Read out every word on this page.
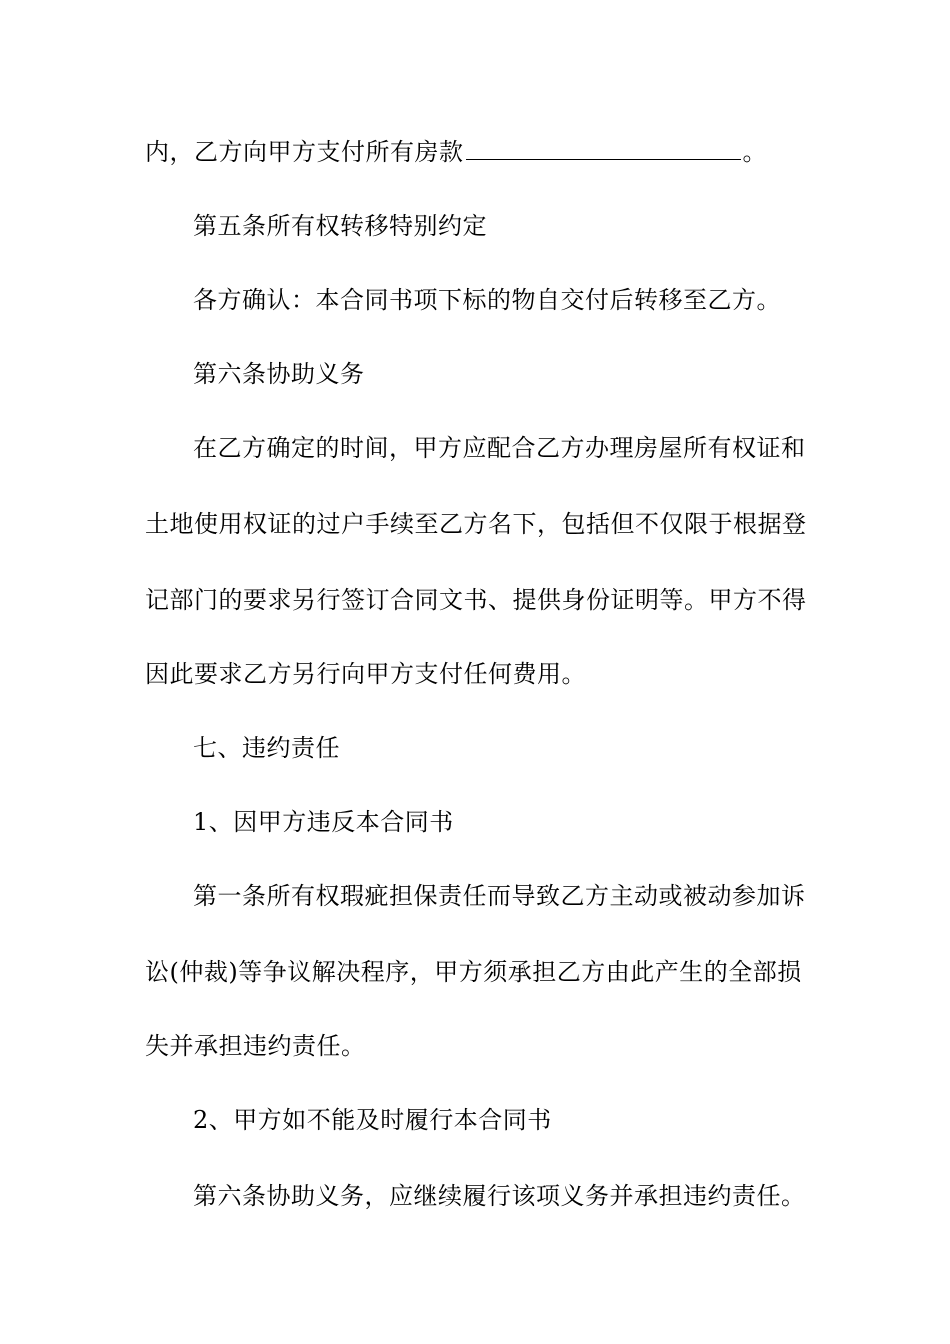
内，乙方向甲方支付所有房款	。
第五条所有权转移特别约定
各方确认：本合同书项下标的物自交付后转移至乙方。
第六条协助义务
在乙方确定的时间，甲方应配合乙方办理房屋所有权证和
土地使用权证的过户手续至乙方名下，包括但不仅限于根据登
记部门的要求另行签订合同文书、提供身份证明等。甲方不得
因此要求乙方另行向甲方支付任何费用。
七、违约责任
1、因甲方违反本合同书
第一条所有权瑕疵担保责任而导致乙方主动或被动参加诉
讼(仲裁)等争议解决程序，甲方须承担乙方由此产生的全部损
失并承担违约责任。
2、甲方如不能及时履行本合同书
第六条协助义务，应继续履行该项义务并承担违约责任。
